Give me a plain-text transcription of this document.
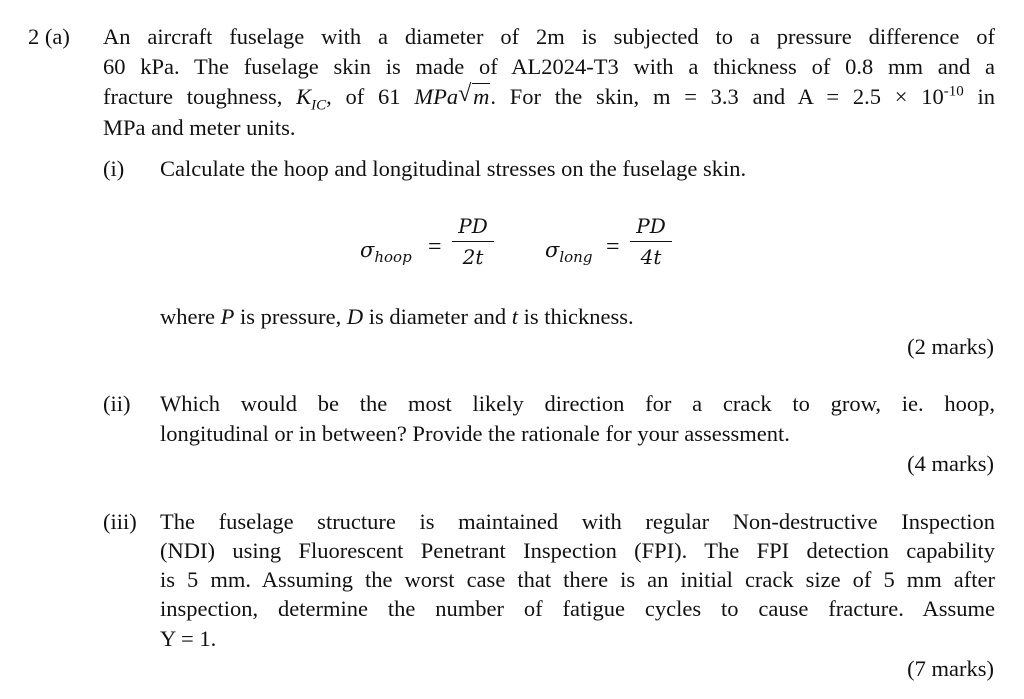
2 (a) An aircraft fuselage with a diameter of 2m is subjected to a pressure difference of
60 kPa. The fuselage skin is made of AL2024-T3 with a thickness of 0.8 mm and a
fracture toughness, $K_{IC}$, of 61 MPa √ m. For the skin, m = 3.3 and $A = 2.5 \times 10^{-10}$ in
MPa and meter units.
(i) Calculate the hoop and longitudinal stresses on the fuselage skin.
$\sigma_{hoop}$ =
PD
2t	$\sigma_{long}$ =
PD
4t
where P is pressure, D is diameter and t is thickness.
(2 marks)
(ii) Which would be the most likely direction for a crack to grow, ie. hoop,
longitudinal or in between? Provide the rationale for your assessment.
(4 marks)
(iii) The fuselage structure is maintained with regular Non-destructive Inspection
(NDI) using Fluorescent Penetrant Inspection (FPI). The FPI detection capability
is 5 mm. Assuming the worst case that there is an initial crack size of 5 mm after
inspection, determine the number of fatigue cycles to cause fracture. Assume
Y = 1.
(7 marks)
